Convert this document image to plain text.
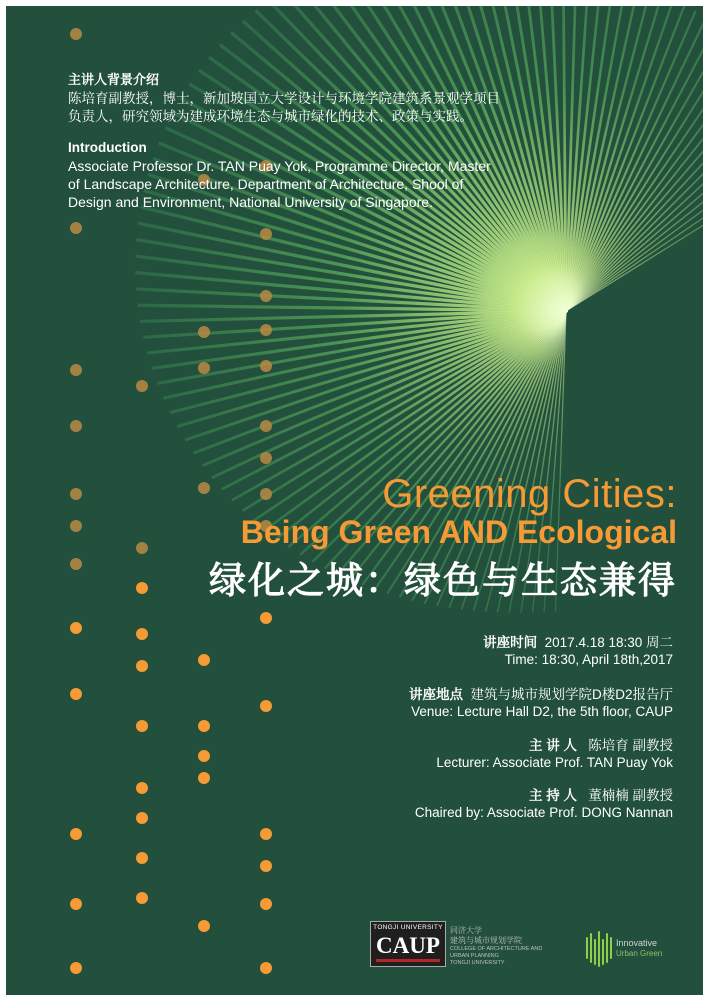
主讲人背景介绍
陈培育副教授，博士，新加坡国立大学设计与环境学院建筑系景观学项目
负责人，研究领域为建成环境生态与城市绿化的技术、政策与实践。
Introduction
Associate Professor Dr. TAN Puay Yok, Programme Director, Master
of Landscape Architecture, Department of Architecture, Shool of
Design and Environment, National University of Singapore.
Greening Cities:
Being Green AND Ecological
绿化之城：绿色与生态兼得
讲座时间 2017.4.18 18:30 周二
Time: 18:30, April 18th,2017
讲座地点 建筑与城市规划学院D楼D2报告厅
Venue: Lecture Hall D2, the 5th floor, CAUP
主 讲 人 陈培育 副教授
Lecturer: Associate Prof. TAN Puay Yok
主 持 人 董楠楠 副教授
Chaired by: Associate Prof. DONG Nannan
TONGJI UNIVERSITY
CAUP
同济大学
建筑与城市规划学院
COLLEGE OF ARCHITECTURE AND
URBAN PLANNING
TONGJI UNIVERSITY
Innovative
Urban Green
